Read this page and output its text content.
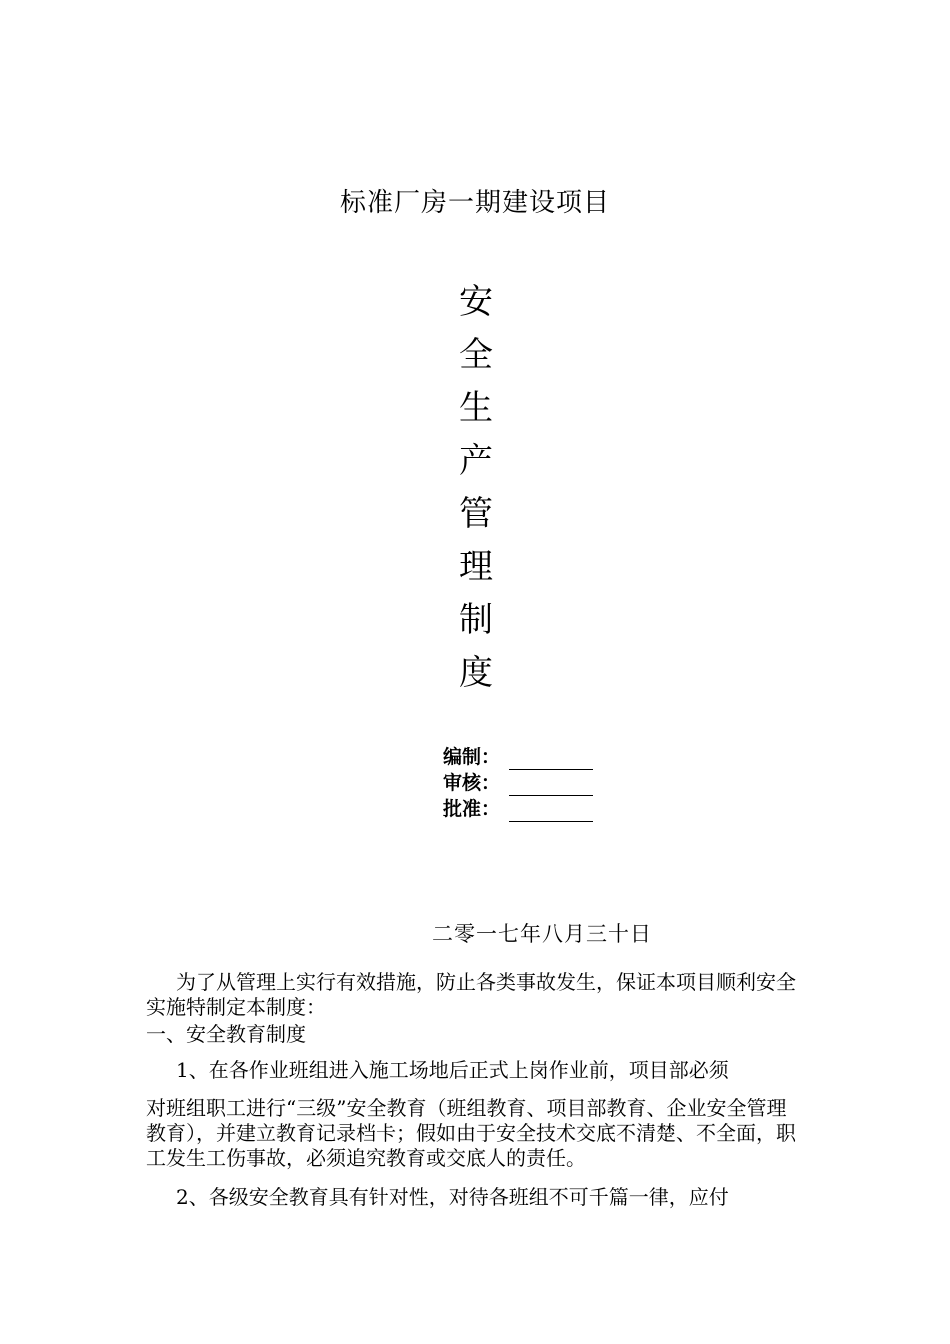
标准厂房一期建设项目
安
全
生
产
管
理
制
度
编制：
审核：
批准：
二零一七年八月三十日
为了从管理上实行有效措施，防止各类事故发生，保证本项目顺利安全实施特制定本制度：
一、安全教育制度
1、在各作业班组进入施工场地后正式上岗作业前，项目部必须
对班组职工进行“三级”安全教育（班组教育、项目部教育、企业安全管理教育），并建立教育记录档卡；假如由于安全技术交底不清楚、不全面，职工发生工伤事故，必须追究教育或交底人的责任。
2、各级安全教育具有针对性，对待各班组不可千篇一律，应付
